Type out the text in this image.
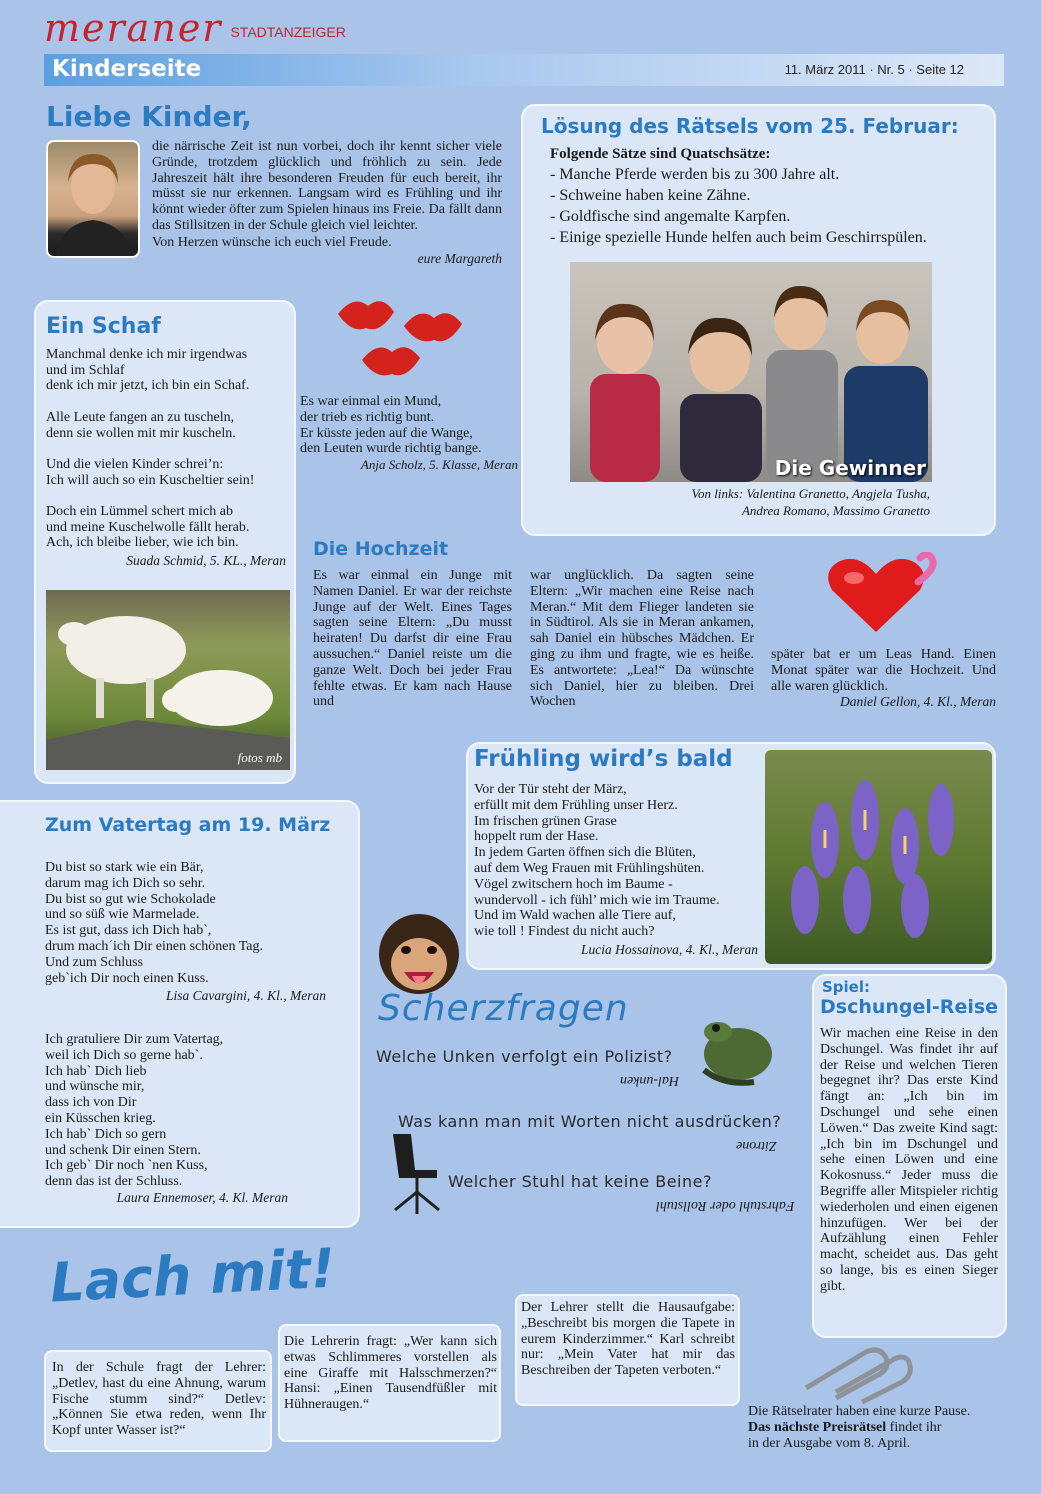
meraner STADTANZEIGER
Kinderseite	11. März 2011 · Nr. 5 · Seite 12
Liebe Kinder,

die närrische Zeit ist nun vorbei, doch ihr kennt sicher viele Gründe, trotzdem glücklich und fröhlich zu sein. Jede Jahreszeit hält ihre besonderen Freuden für euch bereit, ihr müsst sie nur erkennen. Langsam wird es Frühling und ihr könnt wieder öfter zum Spielen hinaus ins Freie. Da fällt dann das Stillsitzen in der Schule gleich viel leichter.

Von Herzen wünsche ich euch viel Freude.

eure Margareth
Lösung des Rätsels vom 25. Februar:
Folgende Sätze sind Quatschsätze:
- Manche Pferde werden bis zu 300 Jahre alt.
- Schweine haben keine Zähne.
- Goldfische sind angemalte Karpfen.
- Einige spezielle Hunde helfen auch beim Geschirrspülen.
Die Gewinner
Von links: Valentina Granetto, Angjela Tusha,
Andrea Romano, Massimo Granetto
Ein Schaf

Manchmal denke ich mir irgendwas
und im Schlaf
denk ich mir jetzt, ich bin ein Schaf.

Alle Leute fangen an zu tuscheln,
denn sie wollen mit mir kuscheln.

Und die vielen Kinder schrei’n:
Ich will auch so ein Kuscheltier sein!

Doch ein Lümmel schert mich ab
und meine Kuschelwolle fällt herab.
Ach, ich bleibe lieber, wie ich bin.

Suada Schmid, 5. KL., Meran
fotos mb

Es war einmal ein Mund,
der trieb es richtig bunt.
Er küsste jeden auf die Wange,
den Leuten wurde richtig bange.

Anja Scholz, 5. Klasse, Meran
Die Hochzeit

Es war einmal ein Junge mit Namen Daniel. Er war der reichste Junge auf der Welt. Eines Tages sagten seine Eltern: „Du musst heiraten! Du darfst dir eine Frau aussuchen.“ Daniel reiste um die ganze Welt. Doch bei jeder Frau fehlte etwas. Er kam nach Hause und

war unglücklich. Da sagten seine Eltern: „Wir machen eine Reise nach Meran.“ Mit dem Flieger landeten sie in Südtirol. Als sie in Meran ankamen, sah Daniel ein hübsches Mädchen. Er ging zu ihm und fragte, wie es heiße. Es antwortete: „Lea!“ Da wünschte sich Daniel, hier zu bleiben. Drei Wochen

später bat er um Leas Hand. Einen Monat später war die Hochzeit. Und alle waren glücklich.

Daniel Gellon, 4. Kl., Meran
Frühling wird’s bald

Vor der Tür steht der März,
erfüllt mit dem Frühling unser Herz.
Im frischen grünen Grase
hoppelt rum der Hase.
In jedem Garten öffnen sich die Blüten,
auf dem Weg Frauen mit Frühlingshüten.
Vögel zwitschern hoch im Baume -
wundervoll - ich fühl’ mich wie im Traume.
Und im Wald wachen alle Tiere auf,
wie toll ! Findest du nicht auch?

Lucia Hossainova, 4. Kl., Meran
Zum Vatertag am 19. März

Du bist so stark wie ein Bär,
darum mag ich Dich so sehr.
Du bist so gut wie Schokolade
und so süß wie Marmelade.
Es ist gut, dass ich Dich hab`,
drum mach´ich Dir einen schönen Tag.
Und zum Schluss
geb`ich Dir noch einen Kuss.

Lisa Cavargini, 4. Kl., Meran

Ich gratuliere Dir zum Vatertag,
weil ich Dich so gerne hab`.
Ich hab` Dich lieb
und wünsche mir,
dass ich von Dir
ein Küsschen krieg.
Ich hab` Dich so gern
und schenk Dir einen Stern.
Ich geb` Dir noch `nen Kuss,
denn das ist der Schluss.

Laura Ennemoser, 4. Kl. Meran
Scherzfragen
Welche Unken verfolgt ein Polizist?
Hal-unken
Was kann man mit Worten nicht ausdrücken?
Zitrone
Welcher Stuhl hat keine Beine?
Fahrstuhl oder Rollstuhl
Spiel:
Dschungel-Reise

Wir machen eine Reise in den Dschungel. Was findet ihr auf der Reise und welchen Tieren begegnet ihr? Das erste Kind fängt an: „Ich bin im Dschungel und sehe einen Löwen.“ Das zweite Kind sagt: „Ich bin im Dschungel und sehe einen Löwen und eine Kokosnuss.“ Jeder muss die Begriffe aller Mitspieler richtig wiederholen und einen eigenen hinzufügen. Wer bei der Aufzählung einen Fehler macht, scheidet aus. Das geht so lange, bis es einen Sieger gibt.

Lach mit!

In der Schule fragt der Lehrer: „Detlev, hast du eine Ahnung, warum Fische stumm sind?“ Detlev: „Können Sie etwa reden, wenn Ihr Kopf unter Wasser ist?“

Die Lehrerin fragt: „Wer kann sich etwas Schlimmeres vorstellen als eine Giraffe mit Halsschmerzen?“ Hansi: „Einen Tausendfüßler mit Hühneraugen.“

Der Lehrer stellt die Hausaufgabe: „Beschreibt bis morgen die Tapete in eurem Kinderzimmer.“ Karl schreibt nur: „Mein Vater hat mir das Beschreiben der Tapeten verboten.“

Die Rätselrater haben eine kurze Pause.
Das nächste Preisrätsel findet ihr
in der Ausgabe vom 8. April.
